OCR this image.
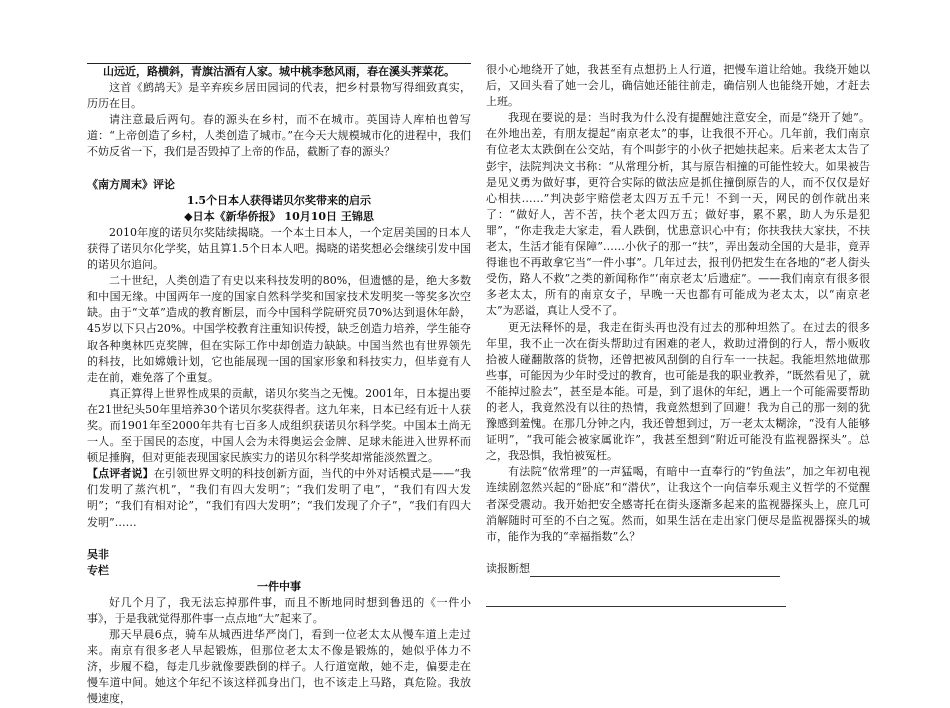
山远近，路横斜，青旗沽酒有人家。城中桃李愁风雨，春在溪头荠菜花。

这首《鹧鸪天》是辛弃疾乡居田园词的代表，把乡村景物写得细致真实，历历在目。

请注意最后两句。春的源头在乡村，而不在城市。英国诗人库柏也曾写道：“上帝创造了乡村，人类创造了城市。”在今天大规模城市化的进程中，我们不妨反省一下，我们是否毁掉了上帝的作品，截断了春的源头？

《南方周末》评论

1.5个日本人获得诺贝尔奖带来的启示

◆日本《新华侨报》 10月10日 王锦思

2010年度的诺贝尔奖陆续揭晓。一个本土日本人，一个定居美国的日本人获得了诺贝尔化学奖，姑且算1.5个日本人吧。揭晓的诺奖想必会继续引发中国的诺贝尔追问。

二十世纪，人类创造了有史以来科技发明的80%，但遗憾的是，绝大多数和中国无缘。中国两年一度的国家自然科学奖和国家技术发明奖一等奖多次空缺。由于“文革”造成的教育断层，而今中国科学院研究员70%达到退休年龄，45岁以下只占20%。中国学校教育注重知识传授，缺乏创造力培养，学生能夺取各种奥林匹克奖牌，但在实际工作中却创造力缺缺。中国当然也有世界领先的科技，比如嫦娥计划，它也能展现一国的国家形象和科技实力，但毕竟有人走在前，难免落了个重复。

真正算得上世界性成果的贡献，诺贝尔奖当之无愧。2001年，日本提出要在21世纪头50年里培养30个诺贝尔奖获得者。这九年来，日本已经有近十人获奖。而1901年至2000年共有七百多人成组织获诺贝尔科学奖。中国本土尚无一人。至于国民的态度，中国人会为未得奥运会金牌、足球未能进入世界杯而顿足捶胸，但对更能表现国家民族实力的诺贝尔科学奖却常能淡然置之。

【点评者说】在引领世界文明的科技创新方面，当代的中外对话模式是——“我们发明了蒸汽机”，“我们有四大发明”；“我们发明了电”，“我们有四大发明”；“我们有相对论”，“我们有四大发明”；“我们发现了介子”，“我们有四大发明”……

吴非

专栏

一件中事

好几个月了，我无法忘掉那件事，而且不断地同时想到鲁迅的《一件小事》，于是我就觉得那件事一点点地“大”起来了。

那天早晨6点，骑车从城西进华严岗门，看到一位老太太从慢车道上走过来。南京有很多老人早起锻炼，但那位老太太不像是锻炼的，她似乎体力不济，步履不稳，每走几步就像要跌倒的样子。人行道宽敞，她不走，偏要走在慢车道中间。她这个年纪不该这样孤身出门，也不该走上马路，真危险。我放慢速度，

很小心地绕开了她，我甚至有点想扔上人行道，把慢车道让给她。我绕开她以后，又回头看了她一会儿，确信她还能往前走，确信别人也能绕开她，才赶去上班。

我现在要说的是：当时我为什么没有提醒她注意安全，而是“绕开了她”。在外地出差，有朋友提起“南京老太”的事，让我很不开心。几年前，我们南京有位老太太跌倒在公交站，有个叫彭宇的小伙子把她扶起来。后来老太太告了彭宇，法院判决文书称：“从常理分析，其与原告相撞的可能性较大。如果被告是见义勇为做好事，更符合实际的做法应是抓住撞倒原告的人，而不仅仅是好心相扶……”判决彭宇赔偿老太四万五千元！不到一天，网民的创作就出来了：“做好人，苦不苦，扶个老太四万五；做好事，累不累，助人为乐是犯罪”，“你走我走大家走，看人跌倒，忧患意识心中有；你扶我扶大家扶，不扶老太，生活才能有保障”……小伙子的那一“扶”，弄出轰动全国的大是非，竟弄得谁也不再敢拿它当“一件小事”。几年过去，报刊仍把发生在各地的“老人街头受伤，路人不救”之类的新闻称作“‘南京老太’后遗症”。——我们南京有很多很多老太太，所有的南京女子，早晚一天也都有可能成为老太太，以“南京老太”为恶谥，真让人受不了。

更无法释怀的是，我走在街头再也没有过去的那种坦然了。在过去的很多年里，我不止一次在街头帮助过有困难的老人，救助过滑倒的行人，帮小贩收拾被人碰翻散落的货物，还曾把被风刮倒的自行车一一扶起。我能坦然地做那些事，可能因为少年时受过的教育，也可能是我的职业教养，“既然看见了，就不能掉过脸去”，甚至是本能。可是，到了退休的年纪，遇上一个可能需要帮助的老人，我竟然没有以往的热情，我竟然想到了回避！我为自己的那一刻的犹豫感到羞愧。在那几分钟之内，我还曾想到过，万一老太太糊涂，“没有人能够证明”，“我可能会被家属讹诈”，我甚至想到“附近可能没有监视器探头”。总之，我恐惧，我怕被冤枉。

有法院“依常理”的一声猛喝，有暗中一直奉行的“钓鱼法”，加之年初电视连续剧忽然兴起的“卧底”和“潜伏”，让我这个一向信奉乐观主义哲学的不觉醒者深受震动。我开始把安全感寄托在街头逐渐多起来的监视器探头上，庶几可消解随时可至的不白之冤。然而，如果生活在走出家门便尽是监视器探头的城市，能作为我的“幸福指数”么？

读报断想
